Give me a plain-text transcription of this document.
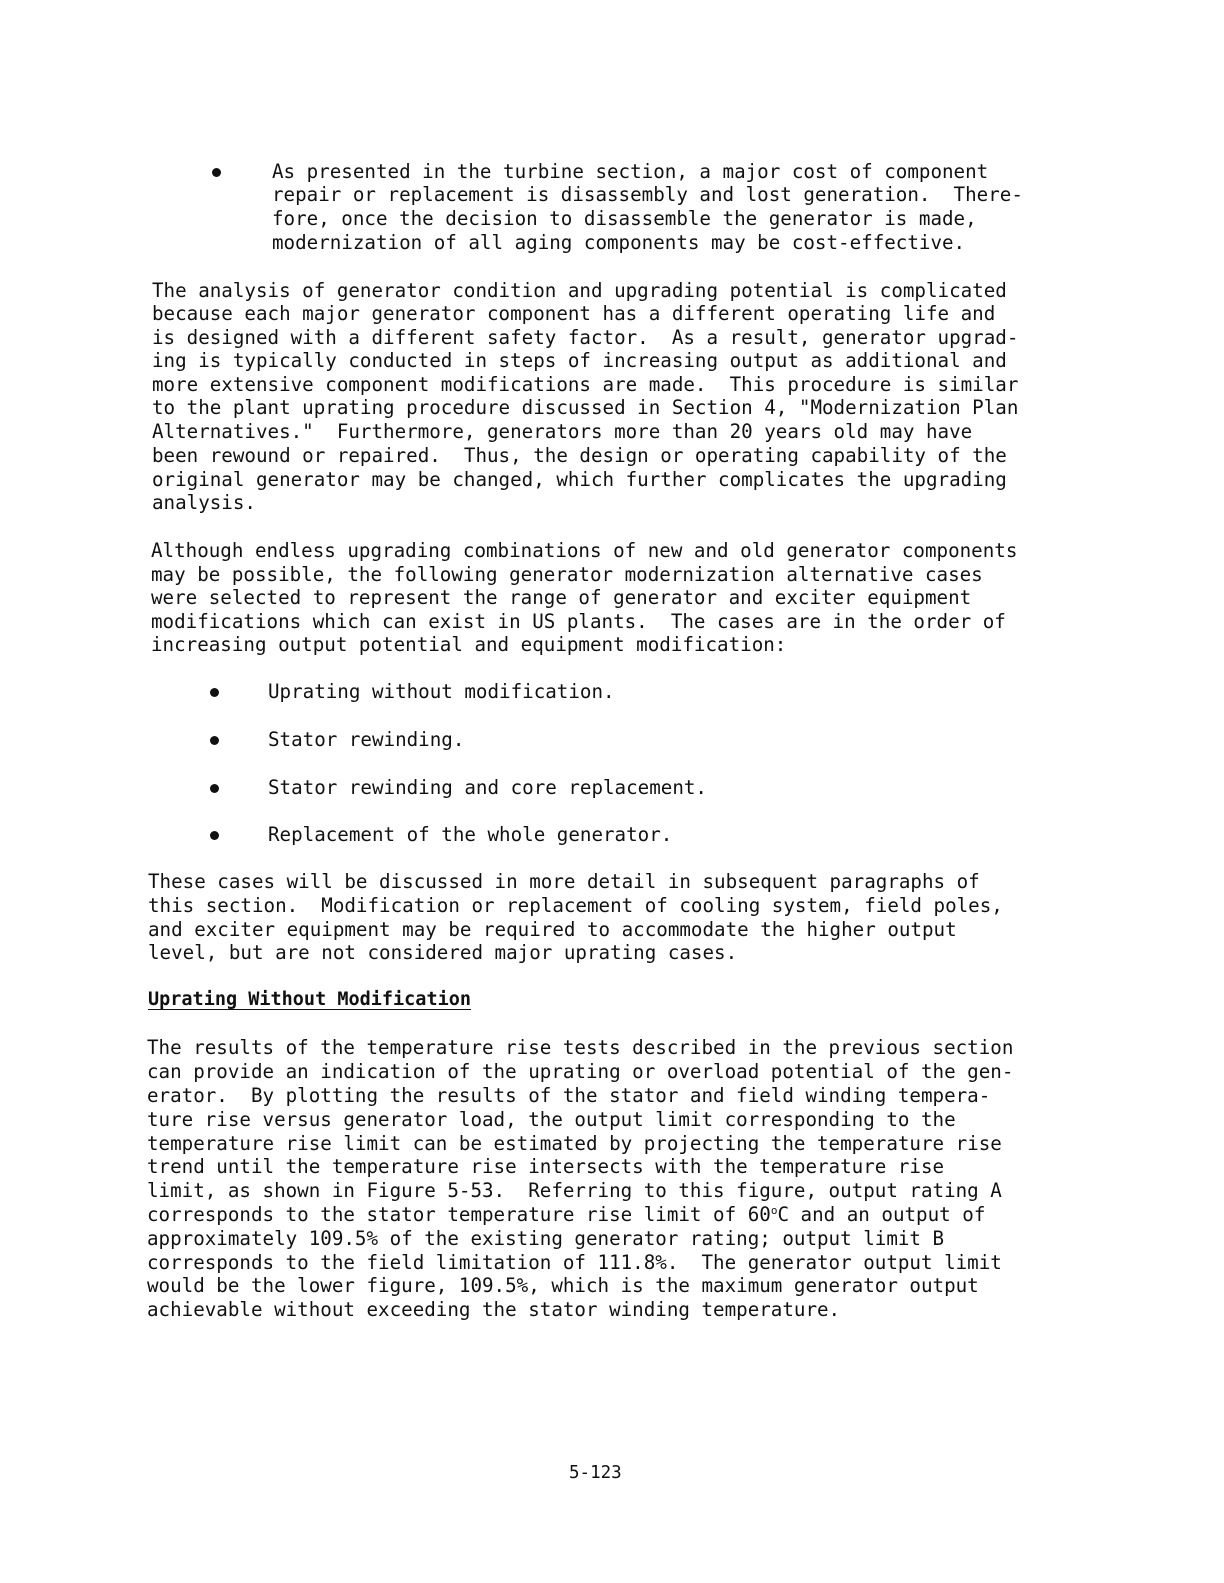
As presented in the turbine section, a major cost of component
repair or replacement is disassembly and lost generation.  There-
fore, once the decision to disassemble the generator is made,
modernization of all aging components may be cost-effective.
The analysis of generator condition and upgrading potential is complicated
because each major generator component has a different operating life and
is designed with a different safety factor.  As a result, generator upgrad-
ing is typically conducted in steps of increasing output as additional and
more extensive component modifications are made.  This procedure is similar
to the plant uprating procedure discussed in Section 4, "Modernization Plan
Alternatives."  Furthermore, generators more than 20 years old may have
been rewound or repaired.  Thus, the design or operating capability of the
original generator may be changed, which further complicates the upgrading
analysis.
Although endless upgrading combinations of new and old generator components
may be possible, the following generator modernization alternative cases
were selected to represent the range of generator and exciter equipment
modifications which can exist in US plants.  The cases are in the order of
increasing output potential and equipment modification:
Uprating without modification.
Stator rewinding.
Stator rewinding and core replacement.
Replacement of the whole generator.
These cases will be discussed in more detail in subsequent paragraphs of
this section.  Modification or replacement of cooling system, field poles,
and exciter equipment may be required to accommodate the higher output
level, but are not considered major uprating cases.
Uprating Without Modification
The results of the temperature rise tests described in the previous section
can provide an indication of the uprating or overload potential of the gen-
erator.  By plotting the results of the stator and field winding tempera-
ture rise versus generator load, the output limit corresponding to the
temperature rise limit can be estimated by projecting the temperature rise
trend until the temperature rise intersects with the temperature rise
limit, as shown in Figure 5-53.  Referring to this figure, output rating A
corresponds to the stator temperature rise limit of 60$^o$C and an output of
approximately 109.5% of the existing generator rating; output limit B
corresponds to the field limitation of 111.8%.  The generator output limit
would be the lower figure, 109.5%, which is the maximum generator output
achievable without exceeding the stator winding temperature.
5-123
